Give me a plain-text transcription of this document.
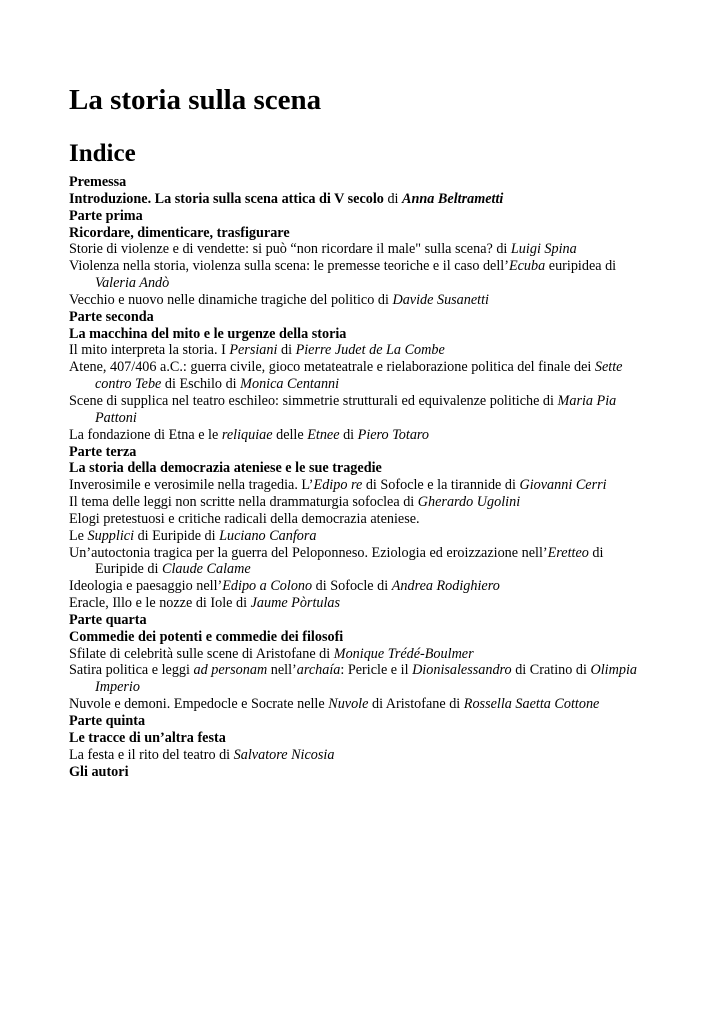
La storia sulla scena
Indice

Premessa

Introduzione. La storia sulla scena attica di V secolo di Anna Beltrametti

Parte prima

Ricordare, dimenticare, trasfigurare

Storie di violenze e di vendette: si può “non ricordare il male" sulla scena? di Luigi Spina

Violenza nella storia, violenza sulla scena: le premesse teoriche e il caso dell’Ecuba euripidea di Valeria Andò

Vecchio e nuovo nelle dinamiche tragiche del politico di Davide Susanetti

Parte seconda

La macchina del mito e le urgenze della storia

Il mito interpreta la storia. I Persiani di Pierre Judet de La Combe

Atene, 407/406 a.C.: guerra civile, gioco metateatrale e rielaborazione politica del finale dei Sette contro Tebe di Eschilo di Monica Centanni

Scene di supplica nel teatro eschileo: simmetrie strutturali ed equivalenze politiche di Maria Pia Pattoni

La fondazione di Etna e le reliquiae delle Etnee di Piero Totaro

Parte terza

La storia della democrazia ateniese e le sue tragedie

Inverosimile e verosimile nella tragedia. L’Edipo re di Sofocle e la tirannide di Giovanni Cerri

Il tema delle leggi non scritte nella drammaturgia sofoclea di Gherardo Ugolini

Elogi pretestuosi e critiche radicali della democrazia ateniese.

Le Supplici di Euripide di Luciano Canfora

Un’autoctonia tragica per la guerra del Peloponneso. Eziologia ed eroizzazione nell’Eretteo di Euripide di Claude Calame

Ideologia e paesaggio nell’Edipo a Colono di Sofocle di Andrea Rodighiero

Eracle, Illo e le nozze di Iole di Jaume Pòrtulas

Parte quarta

Commedie dei potenti e commedie dei filosofi

Sfilate di celebrità sulle scene di Aristofane di Monique Trédé-Boulmer

Satira politica e leggi ad personam nell’archaía: Pericle e il Dionisalessandro di Cratino di Olimpia Imperio

Nuvole e demoni. Empedocle e Socrate nelle Nuvole di Aristofane di Rossella Saetta Cottone

Parte quinta

Le tracce di un’altra festa

La festa e il rito del teatro di Salvatore Nicosia

Gli autori
